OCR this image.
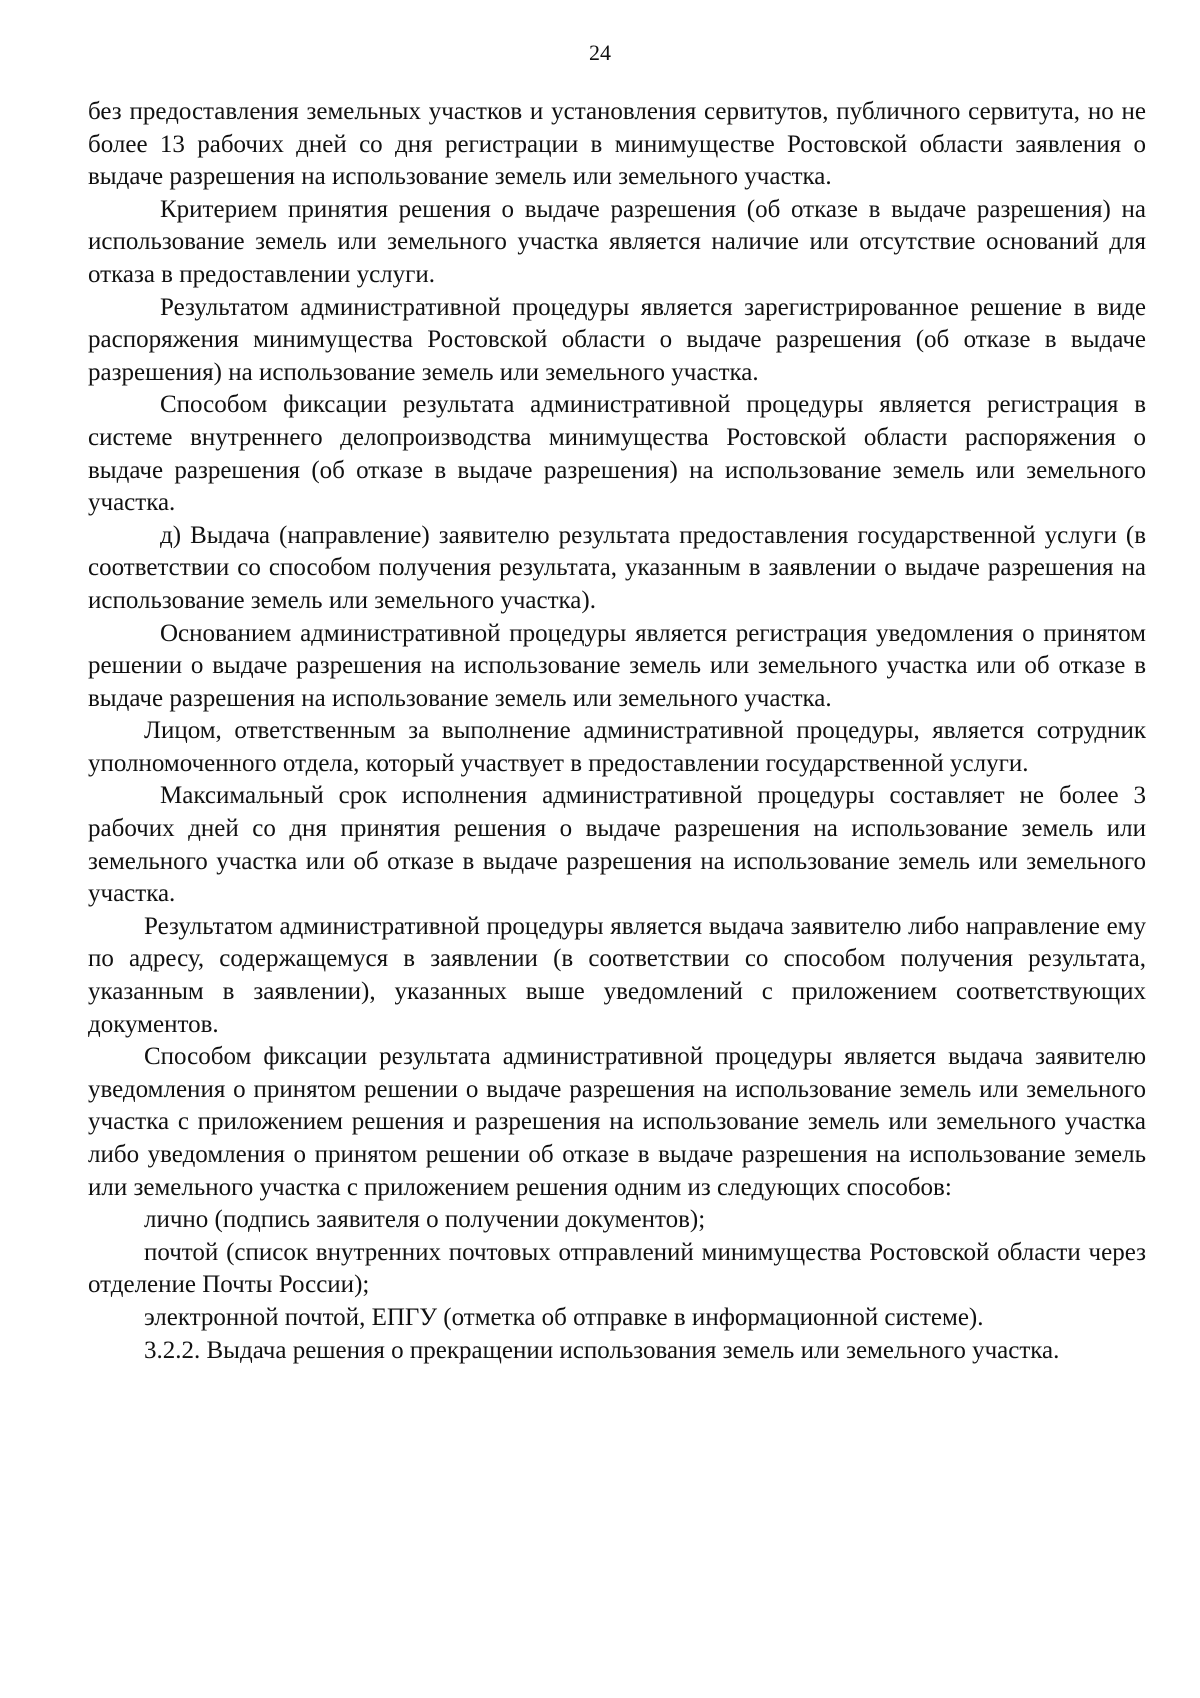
24

без предоставления земельных участков и установления сервитутов, публичного сервитута, но не более 13 рабочих дней со дня регистрации в минимуществе Ростовской области заявления о выдаче разрешения на использование земель или земельного участка.

Критерием принятия решения о выдаче разрешения (об отказе в выдаче разрешения) на использование земель или земельного участка является наличие или отсутствие оснований для отказа в предоставлении услуги.

Результатом административной процедуры является зарегистрированное решение в виде распоряжения минимущества Ростовской области о выдаче разрешения (об отказе в выдаче разрешения) на использование земель или земельного участка.

Способом фиксации результата административной процедуры является регистрация в системе внутреннего делопроизводства минимущества Ростовской области распоряжения о выдаче разрешения (об отказе в выдаче разрешения) на использование земель или земельного участка.

д) Выдача (направление) заявителю результата предоставления государственной услуги (в соответствии со способом получения результата, указанным в заявлении о выдаче разрешения на использование земель или земельного участка).

Основанием административной процедуры является регистрация уведомления о принятом решении о выдаче разрешения на использование земель или земельного участка или об отказе в выдаче разрешения на использование земель или земельного участка.

Лицом, ответственным за выполнение административной процедуры, является сотрудник уполномоченного отдела, который участвует в предоставлении государственной услуги.

Максимальный срок исполнения административной процедуры составляет не более 3 рабочих дней со дня принятия решения о выдаче разрешения на использование земель или земельного участка или об отказе в выдаче разрешения на использование земель или земельного участка.

Результатом административной процедуры является выдача заявителю либо направление ему по адресу, содержащемуся в заявлении (в соответствии со способом получения результата, указанным в заявлении), указанных выше уведомлений с приложением соответствующих документов.

Способом фиксации результата административной процедуры является выдача заявителю уведомления о принятом решении о выдаче разрешения на использование земель или земельного участка с приложением решения и разрешения на использование земель или земельного участка либо уведомления о принятом решении об отказе в выдаче разрешения на использование земель или земельного участка с приложением решения одним из следующих способов:

лично (подпись заявителя о получении документов);

почтой (список внутренних почтовых отправлений минимущества Ростовской области через отделение Почты России);

электронной почтой, ЕПГУ (отметка об отправке в информационной системе).

3.2.2. Выдача решения о прекращении использования земель или земельного участка.
